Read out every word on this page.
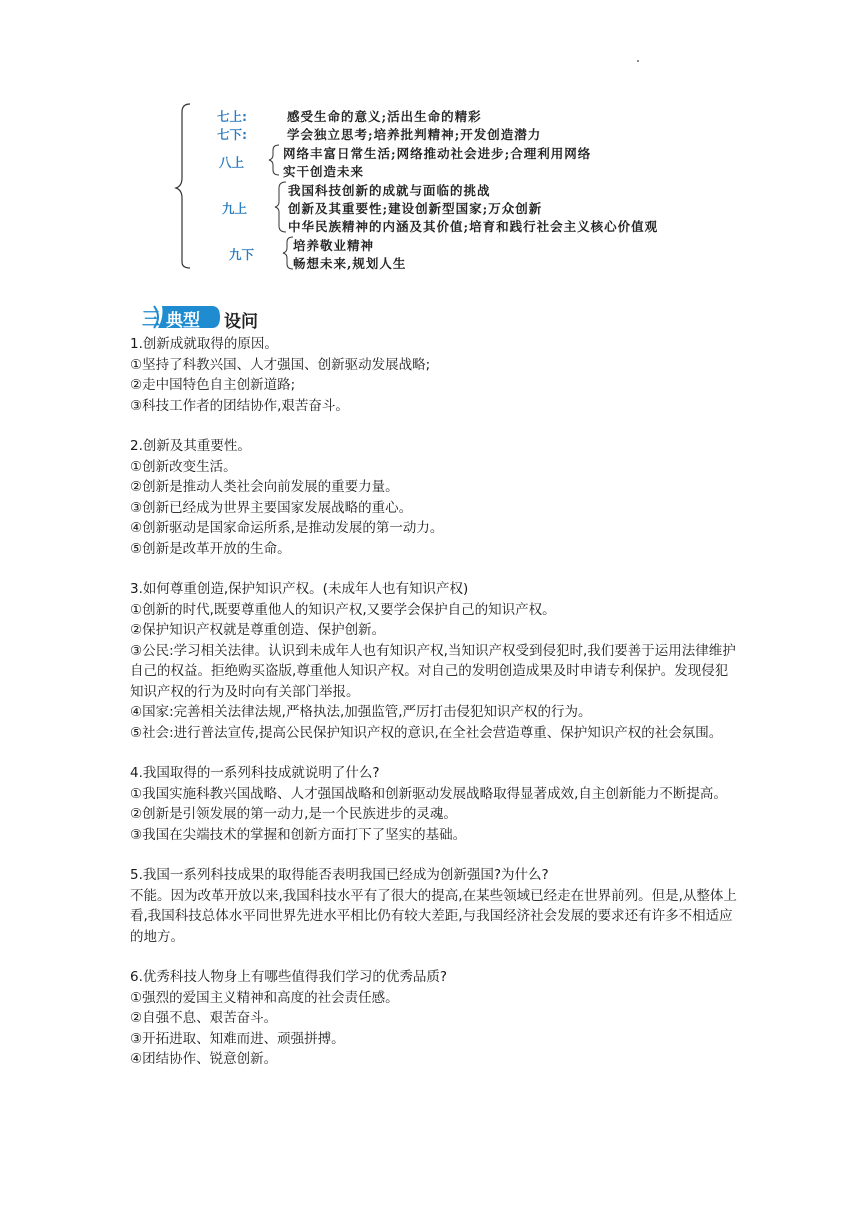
七上:	感受生命的意义;活出生命的精彩
七下:	学会独立思考;培养批判精神;开发创造潜力
八上
网络丰富日常生活;网络推动社会进步;合理利用网络
实干创造未来
九上
我国科技创新的成就与面临的挑战
创新及其重要性;建设创新型国家;万众创新
中华民族精神的内涵及其价值;培育和践行社会主义核心价值观
九下
培养敬业精神
畅想未来,规划人生
三 典型 设问

1.创新成就取得的原因。

①坚持了科教兴国、人才强国、创新驱动发展战略;

②走中国特色自主创新道路;

③科技工作者的团结协作,艰苦奋斗。

2.创新及其重要性。

①创新改变生活。

②创新是推动人类社会向前发展的重要力量。

③创新已经成为世界主要国家发展战略的重心。

④创新驱动是国家命运所系,是推动发展的第一动力。

⑤创新是改革开放的生命。

3.如何尊重创造,保护知识产权。(未成年人也有知识产权)

①创新的时代,既要尊重他人的知识产权,又要学会保护自己的知识产权。

②保护知识产权就是尊重创造、保护创新。

③公民:学习相关法律。认识到未成年人也有知识产权,当知识产权受到侵犯时,我们要善于运用法律维护自己的权益。拒绝购买盗版,尊重他人知识产权。对自己的发明创造成果及时申请专利保护。发现侵犯知识产权的行为及时向有关部门举报。

④国家:完善相关法律法规,严格执法,加强监管,严厉打击侵犯知识产权的行为。

⑤社会:进行普法宣传,提高公民保护知识产权的意识,在全社会营造尊重、保护知识产权的社会氛围。

4.我国取得的一系列科技成就说明了什么?

①我国实施科教兴国战略、人才强国战略和创新驱动发展战略取得显著成效,自主创新能力不断提高。

②创新是引领发展的第一动力,是一个民族进步的灵魂。

③我国在尖端技术的掌握和创新方面打下了坚实的基础。

5.我国一系列科技成果的取得能否表明我国已经成为创新强国?为什么?

不能。因为改革开放以来,我国科技水平有了很大的提高,在某些领域已经走在世界前列。但是,从整体上看,我国科技总体水平同世界先进水平相比仍有较大差距,与我国经济社会发展的要求还有许多不相适应的地方。

6.优秀科技人物身上有哪些值得我们学习的优秀品质?

①强烈的爱国主义精神和高度的社会责任感。

②自强不息、艰苦奋斗。

③开拓进取、知难而进、顽强拼搏。

④团结协作、锐意创新。
